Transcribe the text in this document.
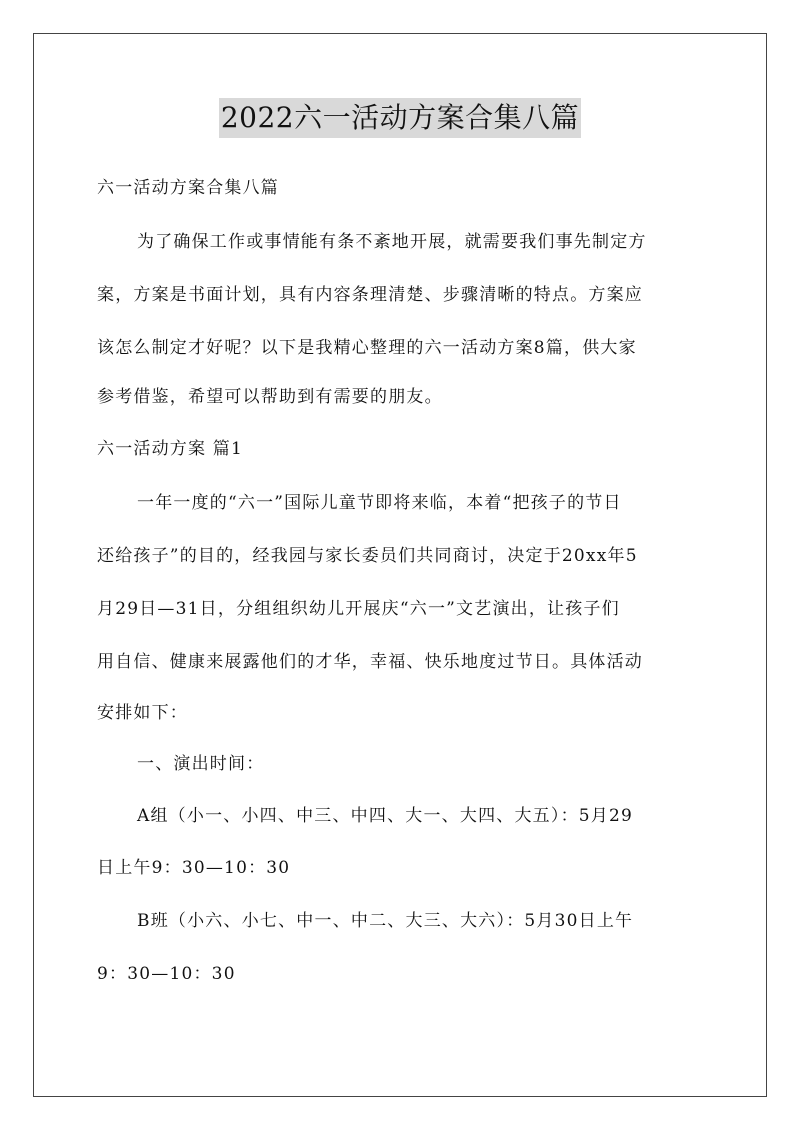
2022六一活动方案合集八篇
六一活动方案合集八篇
为了确保工作或事情能有条不紊地开展，就需要我们事先制定方
案，方案是书面计划，具有内容条理清楚、步骤清晰的特点。方案应
该怎么制定才好呢？以下是我精心整理的六一活动方案8篇，供大家
参考借鉴，希望可以帮助到有需要的朋友。
六一活动方案 篇1
一年一度的“六一”国际儿童节即将来临，本着“把孩子的节日
还给孩子”的目的，经我园与家长委员们共同商讨，决定于20xx年5
月29日—31日，分组组织幼儿开展庆“六一”文艺演出，让孩子们
用自信、健康来展露他们的才华，幸福、快乐地度过节日。具体活动
安排如下：
一、演出时间：
A组（小一、小四、中三、中四、大一、大四、大五）：5月29
日上午9：30—10：30
B班（小六、小七、中一、中二、大三、大六）：5月30日上午
9：30—10：30
